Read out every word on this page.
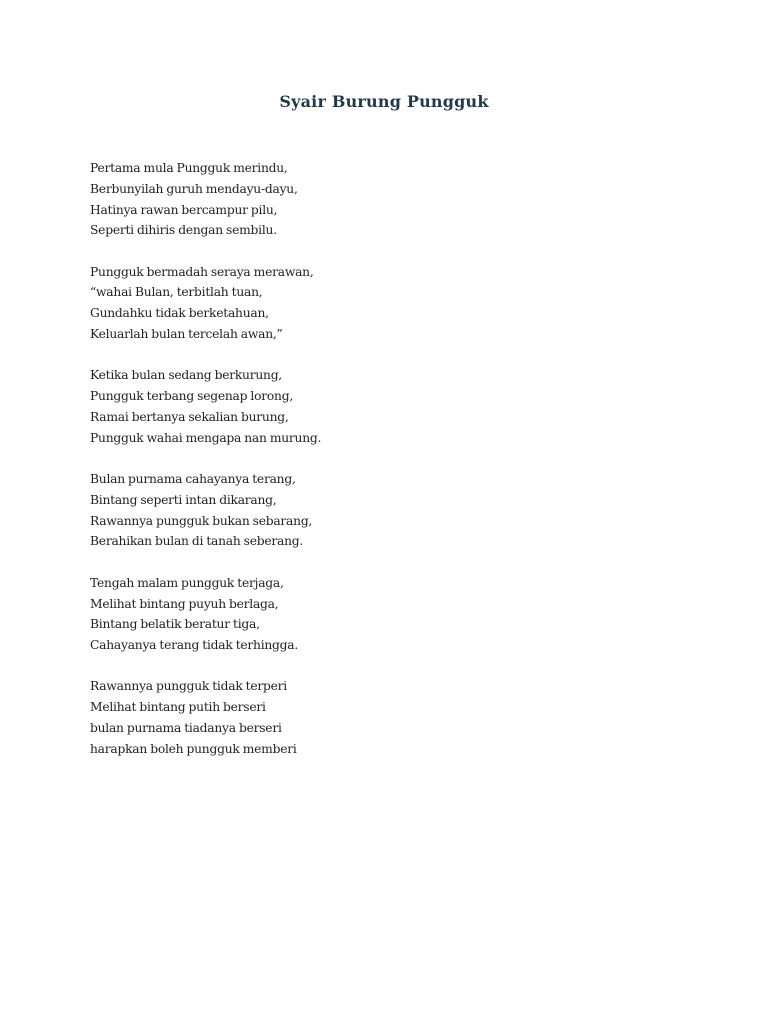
Syair Burung Pungguk
Pertama mula Pungguk merindu,
Berbunyilah guruh mendayu-dayu,
Hatinya rawan bercampur pilu,
Seperti dihiris dengan sembilu.
Pungguk bermadah seraya merawan,
“wahai Bulan, terbitlah tuan,
Gundahku tidak berketahuan,
Keluarlah bulan tercelah awan,”
Ketika bulan sedang berkurung,
Pungguk terbang segenap lorong,
Ramai bertanya sekalian burung,
Pungguk wahai mengapa nan murung.
Bulan purnama cahayanya terang,
Bintang seperti intan dikarang,
Rawannya pungguk bukan sebarang,
Berahikan bulan di tanah seberang.
Tengah malam pungguk terjaga,
Melihat bintang puyuh berlaga,
Bintang belatik beratur tiga,
Cahayanya terang tidak terhingga.
Rawannya pungguk tidak terperi
Melihat bintang putih berseri
bulan purnama tiadanya berseri
harapkan boleh pungguk memberi
